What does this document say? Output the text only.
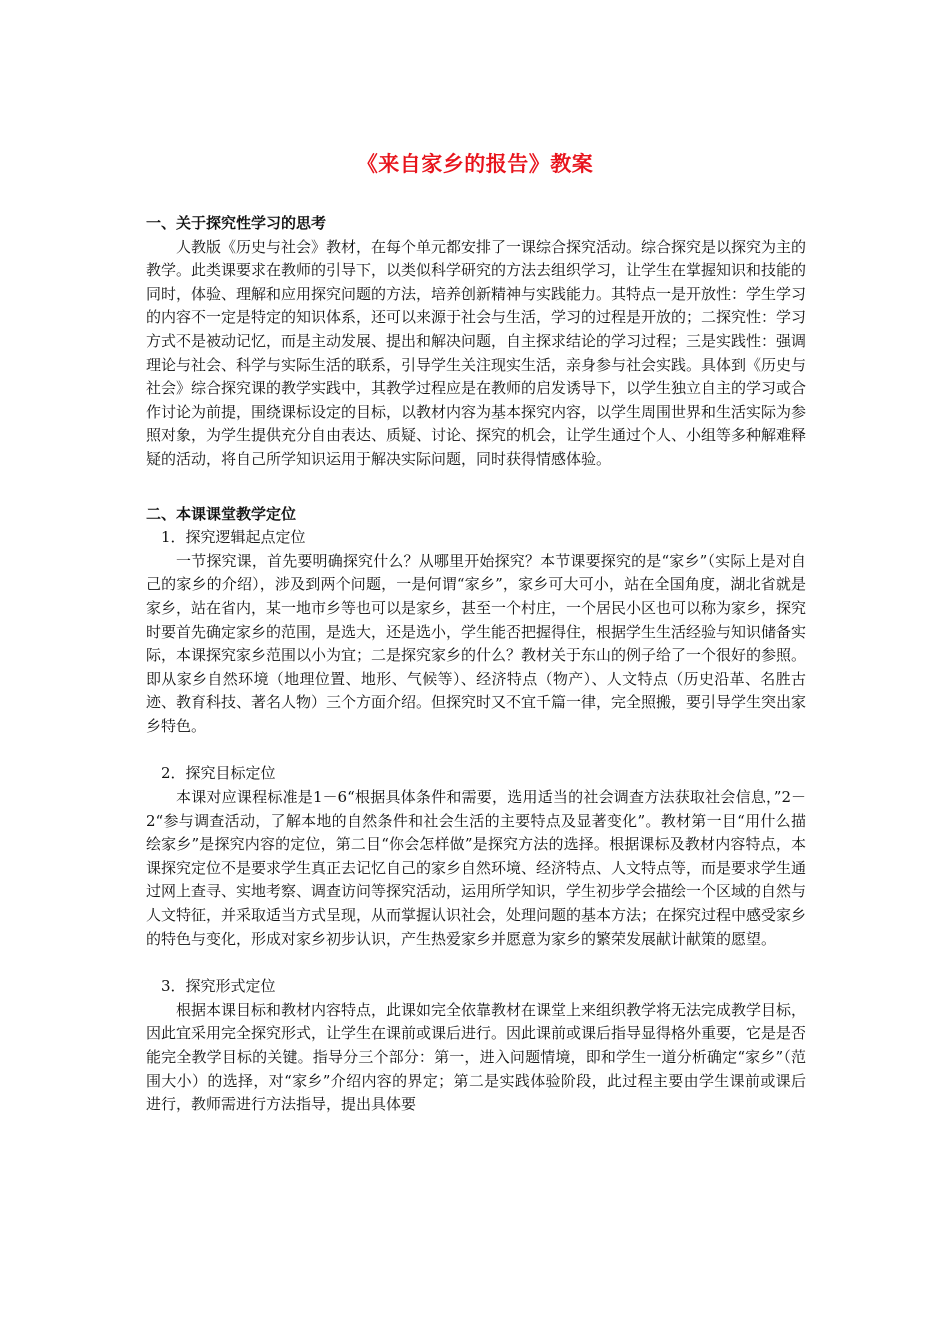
《来自家乡的报告》教案

一、关于探究性学习的思考

人教版《历史与社会》教材，在每个单元都安排了一课综合探究活动。综合探究是以探究为主的教学。此类课要求在教师的引导下，以类似科学研究的方法去组织学习，让学生在掌握知识和技能的同时，体验、理解和应用探究问题的方法，培养创新精神与实践能力。其特点一是开放性：学生学习的内容不一定是特定的知识体系，还可以来源于社会与生活，学习的过程是开放的；二探究性：学习方式不是被动记忆，而是主动发展、提出和解决问题，自主探求结论的学习过程；三是实践性：强调理论与社会、科学与实际生活的联系，引导学生关注现实生活，亲身参与社会实践。具体到《历史与社会》综合探究课的教学实践中，其教学过程应是在教师的启发诱导下，以学生独立自主的学习或合作讨论为前提，围绕课标设定的目标，以教材内容为基本探究内容，以学生周围世界和生活实际为参照对象，为学生提供充分自由表达、质疑、讨论、探究的机会，让学生通过个人、小组等多种解难释疑的活动，将自己所学知识运用于解决实际问题，同时获得情感体验。

二、本课课堂教学定位

1．探究逻辑起点定位

一节探究课，首先要明确探究什么？从哪里开始探究？本节课要探究的是“家乡”（实际上是对自己的家乡的介绍），涉及到两个问题，一是何谓“家乡”，家乡可大可小，站在全国角度，湖北省就是家乡，站在省内，某一地市乡等也可以是家乡，甚至一个村庄，一个居民小区也可以称为家乡，探究时要首先确定家乡的范围，是选大，还是选小，学生能否把握得住，根据学生生活经验与知识储备实际，本课探究家乡范围以小为宜；二是探究家乡的什么？教材关于东山的例子给了一个很好的参照。即从家乡自然环境（地理位置、地形、气候等）、经济特点（物产）、人文特点（历史沿革、名胜古迹、教育科技、著名人物）三个方面介绍。但探究时又不宜千篇一律，完全照搬，要引导学生突出家乡特色。

2．探究目标定位

本课对应课程标准是1－6“根据具体条件和需要，选用适当的社会调查方法获取社会信息，”2－2“参与调查活动，了解本地的自然条件和社会生活的主要特点及显著变化”。教材第一目“用什么描绘家乡”是探究内容的定位，第二目“你会怎样做”是探究方法的选择。根据课标及教材内容特点，本课探究定位不是要求学生真正去记忆自己的家乡自然环境、经济特点、人文特点等，而是要求学生通过网上查寻、实地考察、调查访问等探究活动，运用所学知识，学生初步学会描绘一个区域的自然与人文特征，并采取适当方式呈现，从而掌握认识社会，处理问题的基本方法；在探究过程中感受家乡的特色与变化，形成对家乡初步认识，产生热爱家乡并愿意为家乡的繁荣发展献计献策的愿望。

3．探究形式定位

根据本课目标和教材内容特点，此课如完全依靠教材在课堂上来组织教学将无法完成教学目标，因此宜采用完全探究形式，让学生在课前或课后进行。因此课前或课后指导显得格外重要，它是是否能完全教学目标的关键。指导分三个部分：第一，进入问题情境，即和学生一道分析确定“家乡”（范围大小）的选择，对“家乡”介绍内容的界定；第二是实践体验阶段，此过程主要由学生课前或课后进行，教师需进行方法指导，提出具体要
